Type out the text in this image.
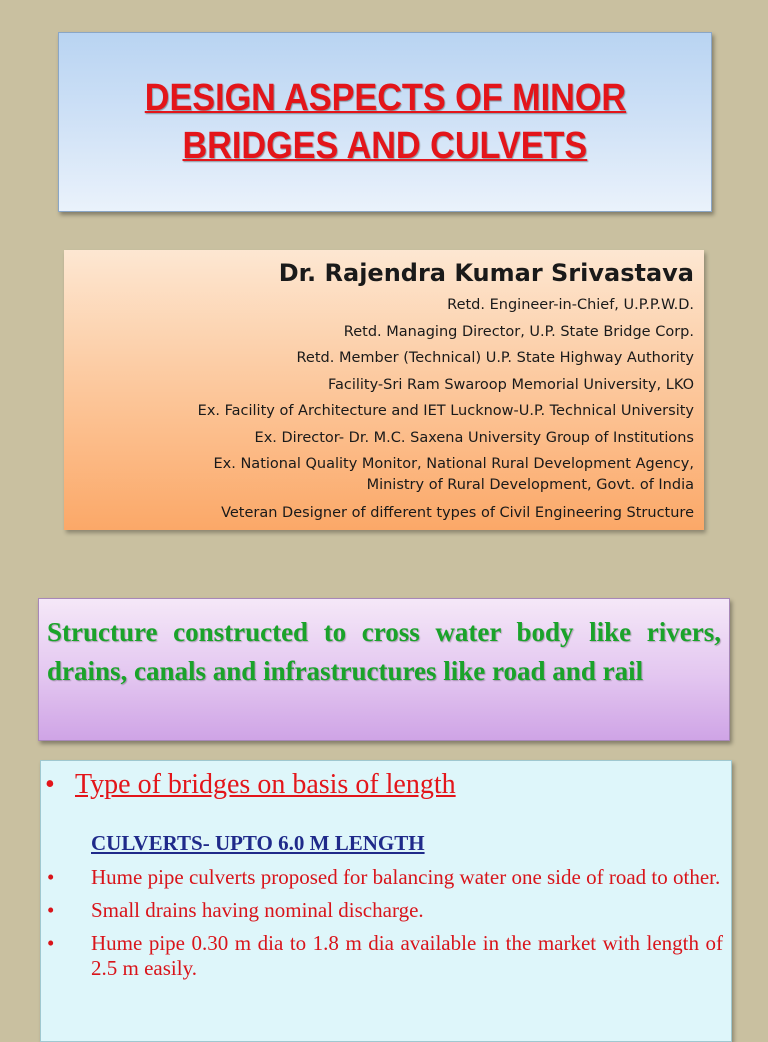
DESIGN ASPECTS OF MINOR
BRIDGES AND CULVETS
Dr. Rajendra Kumar Srivastava
Retd. Engineer-in-Chief, U.P.P.W.D.
Retd. Managing Director, U.P. State Bridge Corp.
Retd. Member (Technical) U.P. State Highway Authority
Facility-Sri Ram Swaroop Memorial University, LKO
Ex. Facility of Architecture and IET Lucknow-U.P. Technical University
Ex. Director- Dr. M.C. Saxena University Group of Institutions
Ex. National Quality Monitor, National Rural Development Agency,
Ministry of Rural Development, Govt. of India
Veteran Designer of different types of Civil Engineering Structure
Structure constructed to cross water body like rivers, drains, canals and infrastructures like road and rail
• Type of bridges on basis of length
CULVERTS- UPTO 6.0 M LENGTH
• Hume pipe culverts proposed for balancing water one side of road to other.
• Small drains having nominal discharge.
• Hume pipe 0.30 m dia to 1.8 m dia available in the market with length of 2.5 m easily.
